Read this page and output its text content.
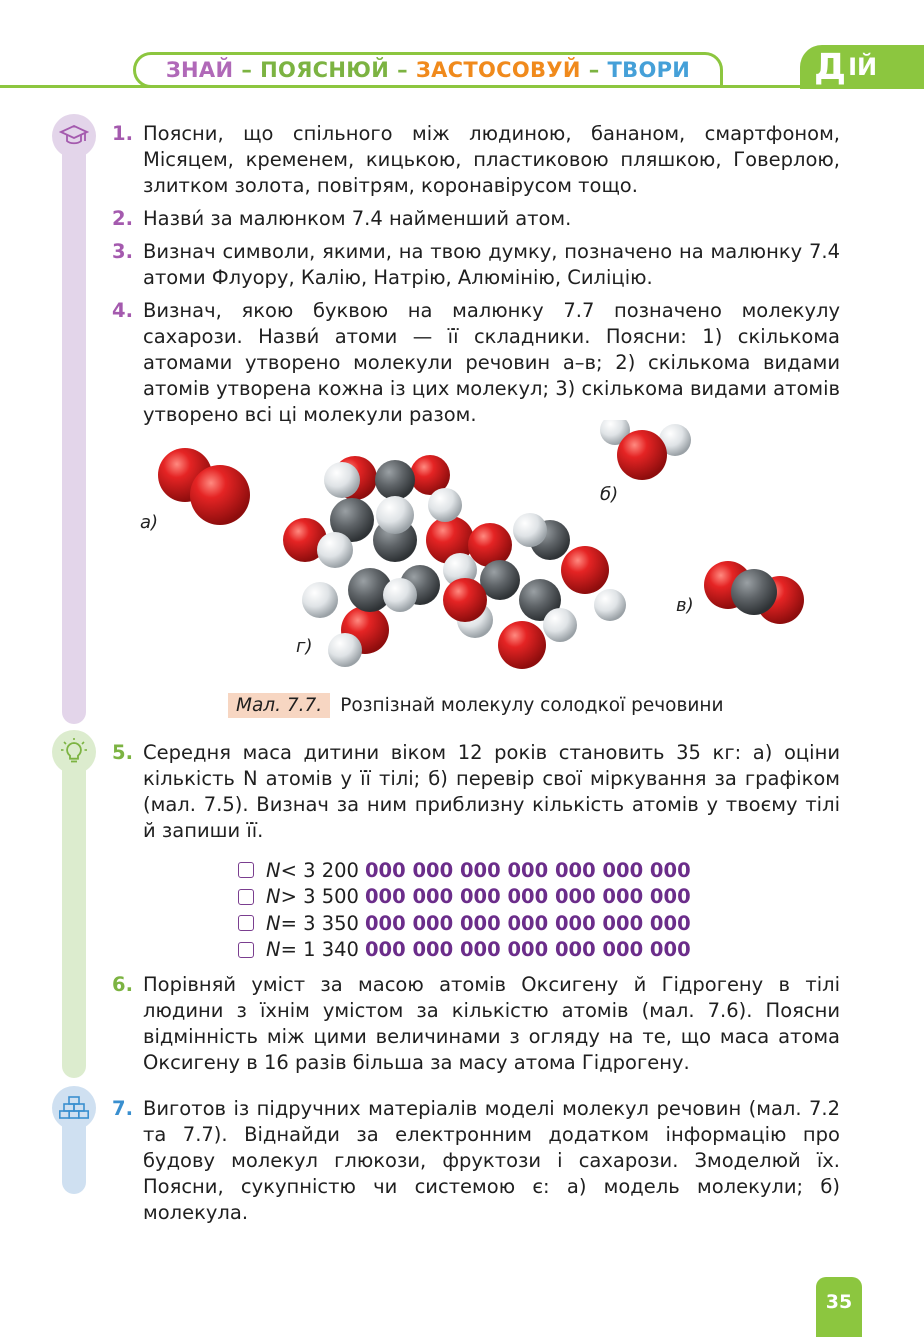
ЗНАЙ – ПОЯСНЮЙ – ЗАСТОСОВУЙ – ТВОРИ	Д ІЙ
1. Поясни, що спільного між людиною, бананом, смартфоном, Місяцем, кременем, кицькою, пластиковою пляшкою, Говерлою, злитком золота, повітрям, коронавірусом тощо.
2. Назви́ за малюнком 7.4 найменший атом.
3. Визнач символи, якими, на твою думку, позначено на малюнку 7.4 атоми Флуору, Калію, Натрію, Алюмінію, Силіцію.
4. Визнач, якою буквою на малюнку 7.7 позначено молекулу сахарози. Назви́ атоми — її складники. Поясни: 1) скількома атомами утворено молекули речовин а–в; 2) скількома видами атомів утворена кожна із цих молекул; 3) скількома видами атомів утворено всі ці молекули разом.
а)
б)
в)
г)
Мал. 7.7. Розпізнай молекулу солодкої речовини
5. Середня маса дитини віком 12 років становить 35 кг: а) оціни кількість N атомів у її тілі; б) перевір свої міркування за графіком (мал. 7.5). Визнач за ним приблизну кількість атомів у твоєму тілі й запиши її.
N < 3 200 000 000 000 000 000 000 000
N > 3 500 000 000 000 000 000 000 000
N = 3 350 000 000 000 000 000 000 000
N = 1 340 000 000 000 000 000 000 000
6. Порівняй уміст за масою атомів Оксигену й Гідрогену в тілі людини з їхнім умістом за кількістю атомів (мал. 7.6). Поясни відмінність між цими величинами з огляду на те, що маса атома Оксигену в 16 разів більша за масу атома Гідрогену.
7. Виготов із підручних матеріалів моделі молекул речовин (мал. 7.2 та 7.7). Віднайди за електронним додатком інформацію про будову молекул глюкози, фруктози і сахарози. Змоделюй їх. Поясни, сукупністю чи системою є: а) модель молекули; б) молекула.
35
